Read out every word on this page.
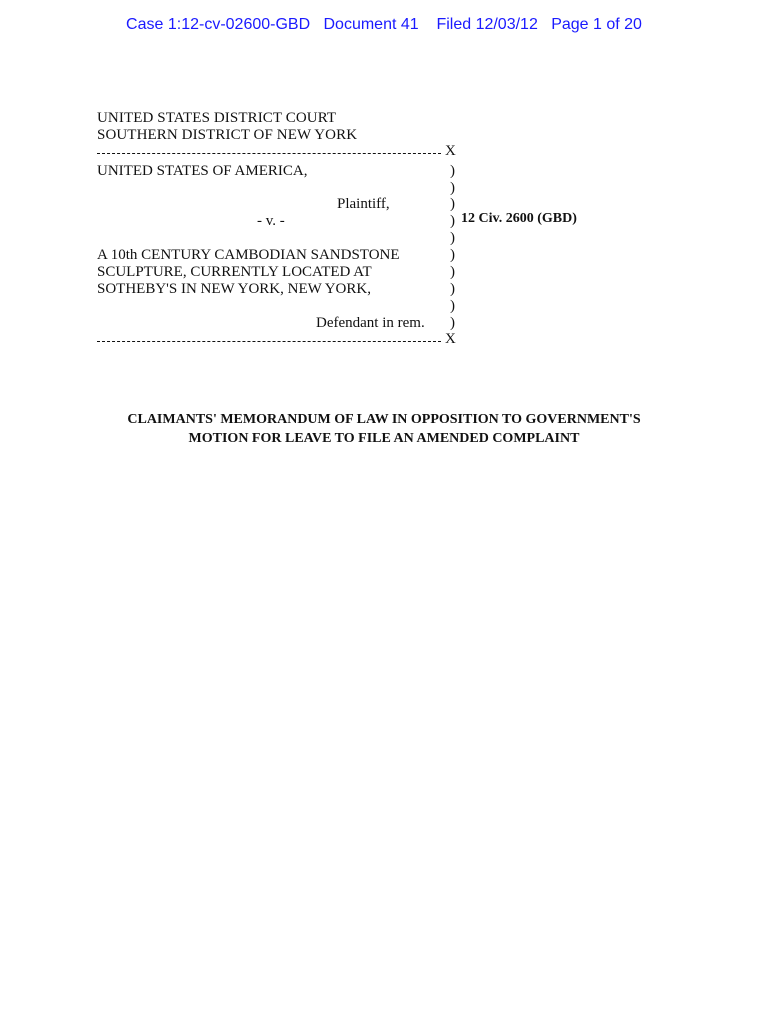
Case 1:12-cv-02600-GBD Document 41 Filed 12/03/12 Page 1 of 20
UNITED STATES DISTRICT COURT
SOUTHERN DISTRICT OF NEW YORK
X
UNITED STATES OF AMERICA,	)
)
Plaintiff,	)
- v. -	) 12 Civ. 2600 (GBD)
)
A 10th CENTURY CAMBODIAN SANDSTONE	)
SCULPTURE, CURRENTLY LOCATED AT	)
SOTHEBY'S IN NEW YORK, NEW YORK,	)
)
Defendant in rem. )
X
CLAIMANTS' MEMORANDUM OF LAW IN OPPOSITION TO GOVERNMENT'S
MOTION FOR LEAVE TO FILE AN AMENDED COMPLAINT
